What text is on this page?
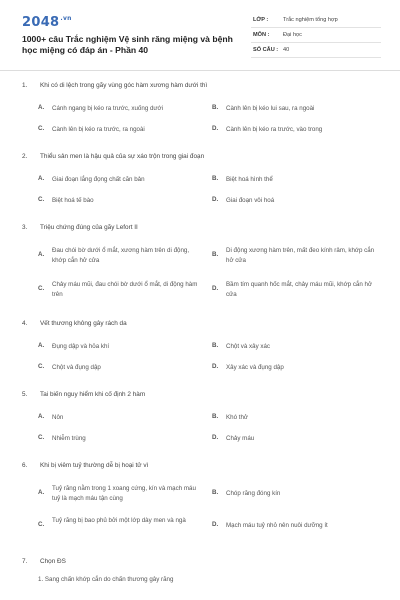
$2048^{.vn}$
1000+ câu Trắc nghiệm Vệ sinh răng miệng và bệnh học miệng có đáp án - Phần 40
LỚP :	Trắc nghiệm tổng hợp
MÔN : Đại học
SỐ CÂU : 40
1. Khi có di lệch trong gãy vùng góc hàm xương hàm dưới thì
A. Cánh ngang bị kéo ra trước, xuống dưới	B. Cành lên bị kéo lui sau, ra ngoài
C. Cành lên bị kéo ra trước, ra ngoài	D. Cành lên bị kéo ra trước, vào trong
2. Thiểu sản men là hậu quả của sự xáo trộn trong giai đoạn
A. Giai đoạn lắng đọng chất căn bản	B. Biệt hoá hình thể
C. Biệt hoá tế bào	D. Giai đoạn vôi hoá
3. Triệu chứng đúng của gãy Lefort II
A.
Đau chói bờ dưới ổ mắt, xương hàm trên di động, khớp cắn hở cửa
B.
Di động xương hàm trên, mất đeo kính râm, khớp cắn hở cửa
C.
Chảy máu mũi, đau chói bờ dưới ổ mắt, di động hàm trên
D.
Bầm tím quanh hốc mắt, chảy máu mũi, khớp cắn hở cửa
4. Vết thương không gây rách da
A. Đụng dập và hỏa khí	B. Chột và xây xác
C. Chột và đụng dập	D. Xây xác và đụng dập
5. Tai biến nguy hiểm khi cố định 2 hàm
A. Nôn	B. Khó thở
C. Nhiễm trùng	D. Chảy máu
6. Khi bị viêm tuỷ thường dễ bị hoại tử vì
A.
Tuỷ răng nằm trong 1 xoang cứng, kín và mạch máu tuỷ là mạch máu tận cùng
B. Chóp răng đóng kín
C.
Tuỷ răng bị bao phủ bởi một lớp dày men và ngà
D. Mạch máu tuỷ nhỏ nên nuôi dưỡng ít
7. Chọn ĐS
1. Sang chấn khớp cắn do chấn thương gây răng
